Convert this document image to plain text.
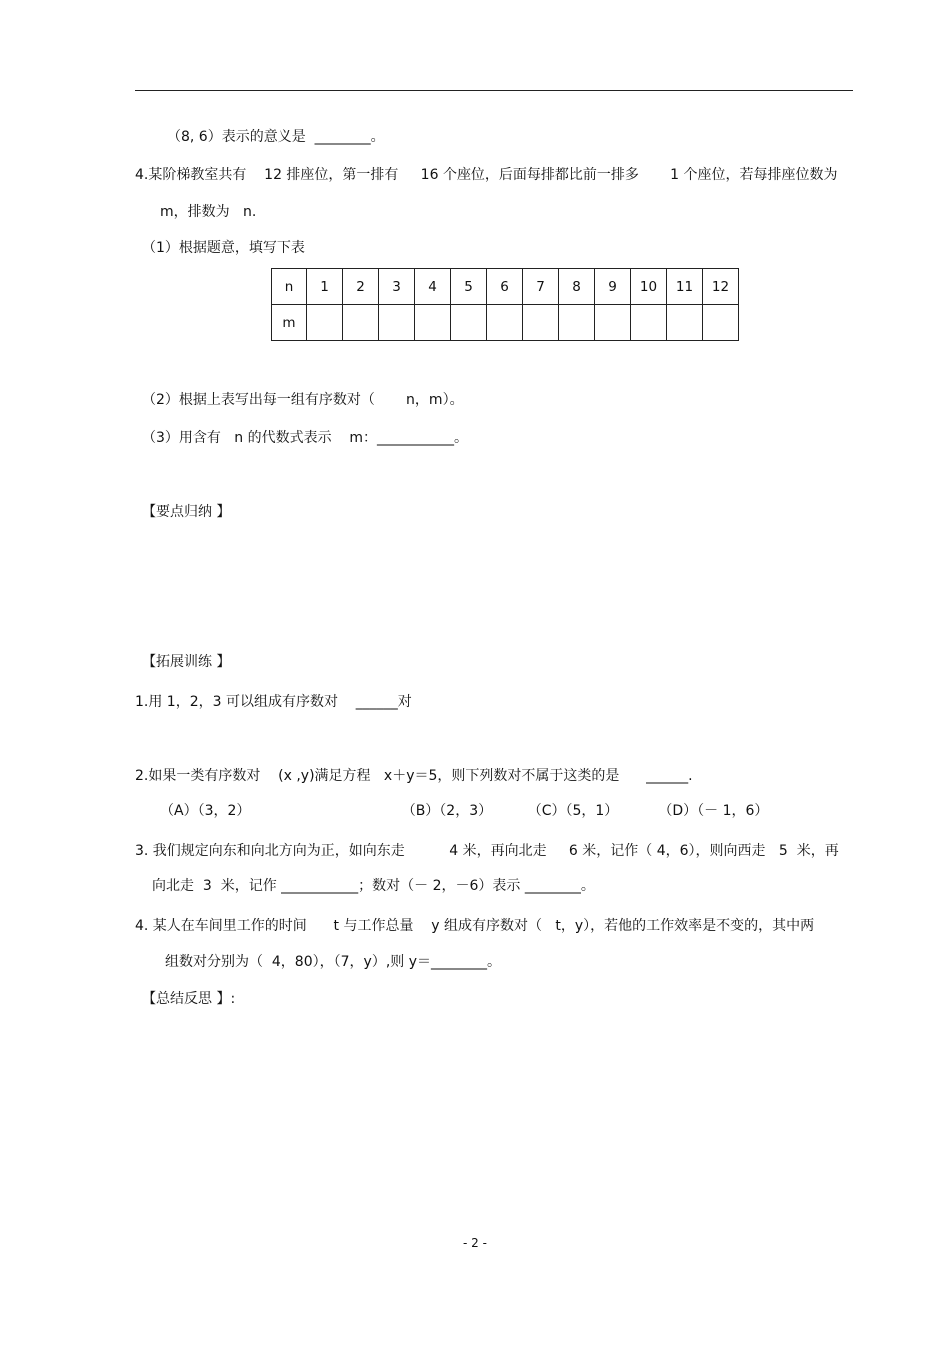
（8, 6）表示的意义是  ________。
4.某阶梯教室共有    12 排座位，第一排有     16 个座位，后面每排都比前一排多       1 个座位，若每排座位数为
m，排数为   n.
（1）根据题意，填写下表
n	1	2	3	4	5	6	7	8	9	10	11	12
m												
（2）根据上表写出每一组有序数对（       n，m）。
（3）用含有   n 的代数式表示    m：___________。
【要点归纳 】
【拓展训练 】
1.用 1，2，3 可以组成有序数对    ______对
2.如果一类有序数对    (x ,y)满足方程   x＋y＝5，则下列数对不属于这类的是      ______.
（A）（3，2）                                  （B）（2，3）        （C）（5，1）         （D）（－ 1，6）
3. 我们规定向东和向北方向为正，如向东走          4 米，再向北走     6 米，记作（ 4，6），则向西走   5  米，再
向北走  3  米，记作 ___________；数对（－ 2，－6）表示 ________。
4. 某人在车间里工作的时间      t 与工作总量    y 组成有序数对（   t，y），若他的工作效率是不变的，其中两
组数对分别为（  4，80），（7，y）,则 y＝________。
【总结反思 】:
- 2 -
